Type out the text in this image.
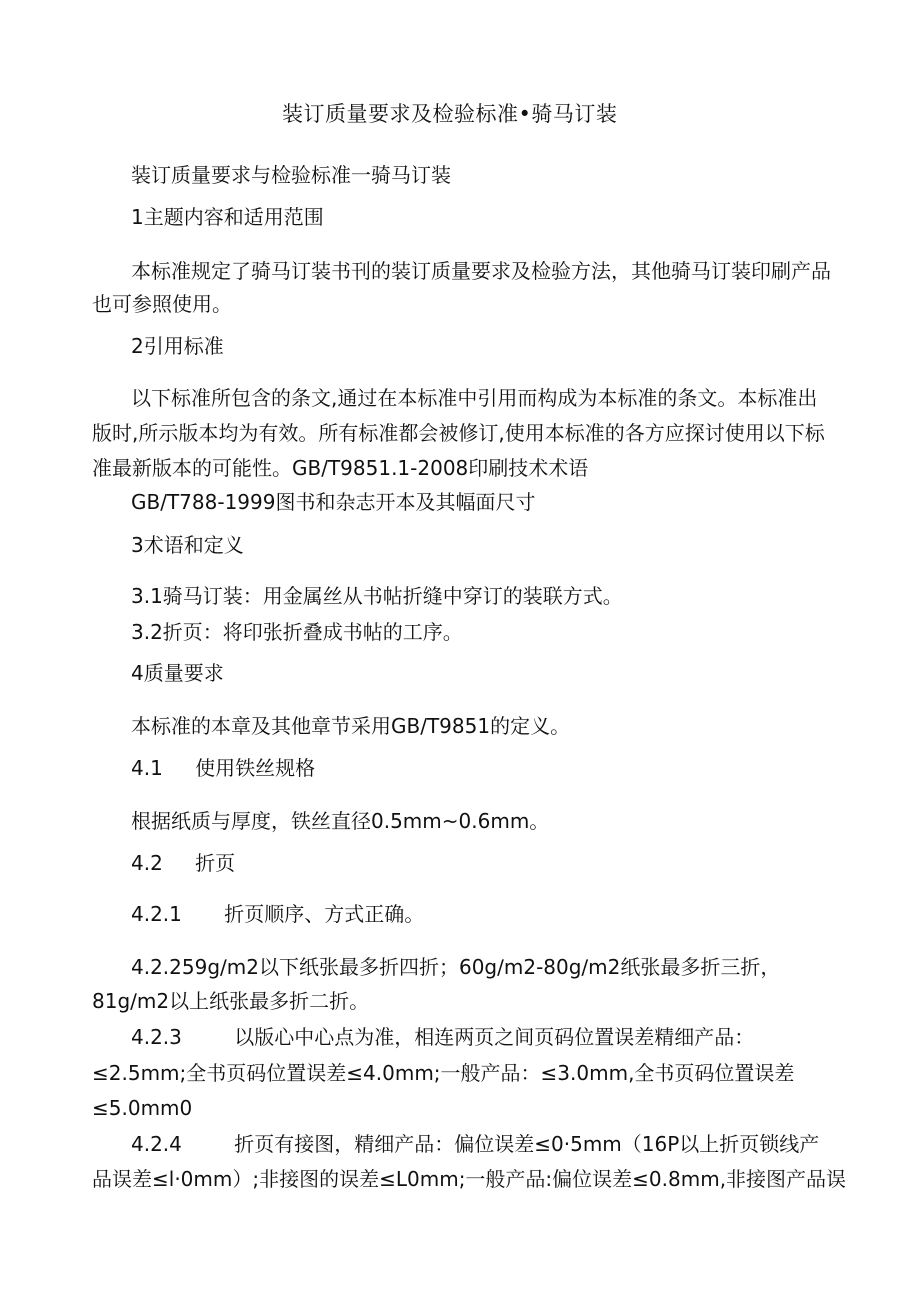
装订质量要求及检验标准•骑马订装
装订质量要求与检验标准一骑马订装
1主题内容和适用范围
本标准规定了骑马订装书刊的装订质量要求及检验方法，其他骑马订装印刷产品
也可参照使用。
2引用标准
以下标准所包含的条文,通过在本标准中引用而构成为本标准的条文。本标准出
版时,所示版本均为有效。所有标准都会被修订,使用本标准的各方应探讨使用以下标
准最新版本的可能性。GB/T9851.1-2008印刷技术术语
GB/T788-1999图书和杂志开本及其幅面尺寸
3术语和定义
3.1骑马订装：用金属丝从书帖折缝中穿订的装联方式。
3.2折页：将印张折叠成书帖的工序。
4质量要求
本标准的本章及其他章节采用GB/T9851的定义。
4.1 使用铁丝规格
根据纸质与厚度，铁丝直径0.5mm~0.6mm。
4.2 折页
4.2.1 折页顺序、方式正确。
4.2.259g∕m2以下纸张最多折四折；60g∕m2-80g∕m2纸张最多折三折，
81g∕m2以上纸张最多折二折。
4.2.3	以版心中心点为准，相连两页之间页码位置误差精细产品：
≤2.5mm;全书页码位置误差≤4.0mm;一般产品：≤3.0mm,全书页码位置误差
≤5.0mm0
4.2.4	折页有接图，精细产品：偏位误差≤0·5mm（16P以上折页锁线产
品误差≤l·0mm）;非接图的误差≤L0mm;一般产品:偏位误差≤0.8mm,非接图产品误
